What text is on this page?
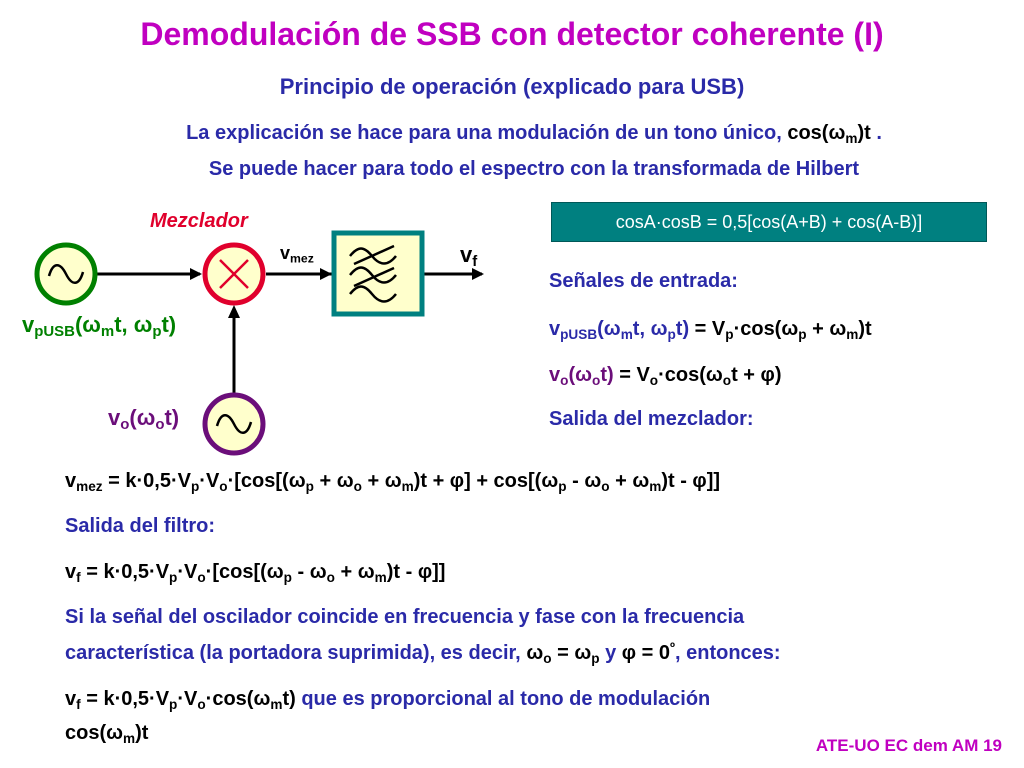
Demodulación de SSB con detector coherente (I)
Principio de operación (explicado para USB)
La explicación se hace para una modulación de un tono único, $\cos(\omega_m)t$ .
Se puede hacer para todo el espectro con la transformada de Hilbert
cosA·cosB = 0,5[cos(A+B) + cos(A-B)]
Mezclador
$v_{mez}$	$v_f$
$v_{pUSB}(\omega_mt$, $\omega_pt$)
$v_o(\omega_ot)$
Señales de entrada:
$v_{pUSB}(\omega_mt$, $\omega_pt) = V_p\cdot\cos(\omega_p + \omega_m)t$
$v_o(\omega_ot) = V_o\cdot\cos(\omega_ot + \varphi)$
Salida del mezclador:
$v_{mez} = k\cdot 0,5\cdot V_p\cdot V_o\cdot[\cos[(\omega_p + \omega_o + \omega_m)t + \varphi] + \cos[(\omega_p - \omega_o + \omega_m)t - \varphi]]$
Salida del filtro:
$v_f = k\cdot 0,5\cdot V_p\cdot V_o\cdot[\cos[(\omega_p - \omega_o + \omega_m)t - \varphi]]$
Si la señal del oscilador coincide en frecuencia y fase con la frecuencia
característica (la portadora suprimida), es decir, $\omega_o = \omega_p$ y $\varphi = 0^º$, entonces:
$v_f = k\cdot 0,5\cdot V_p\cdot V_o\cdot\cos(\omega_mt)$ que es proporcional al tono de modulación
$\cos(\omega_m)t$
ATE-UO EC dem AM 19
